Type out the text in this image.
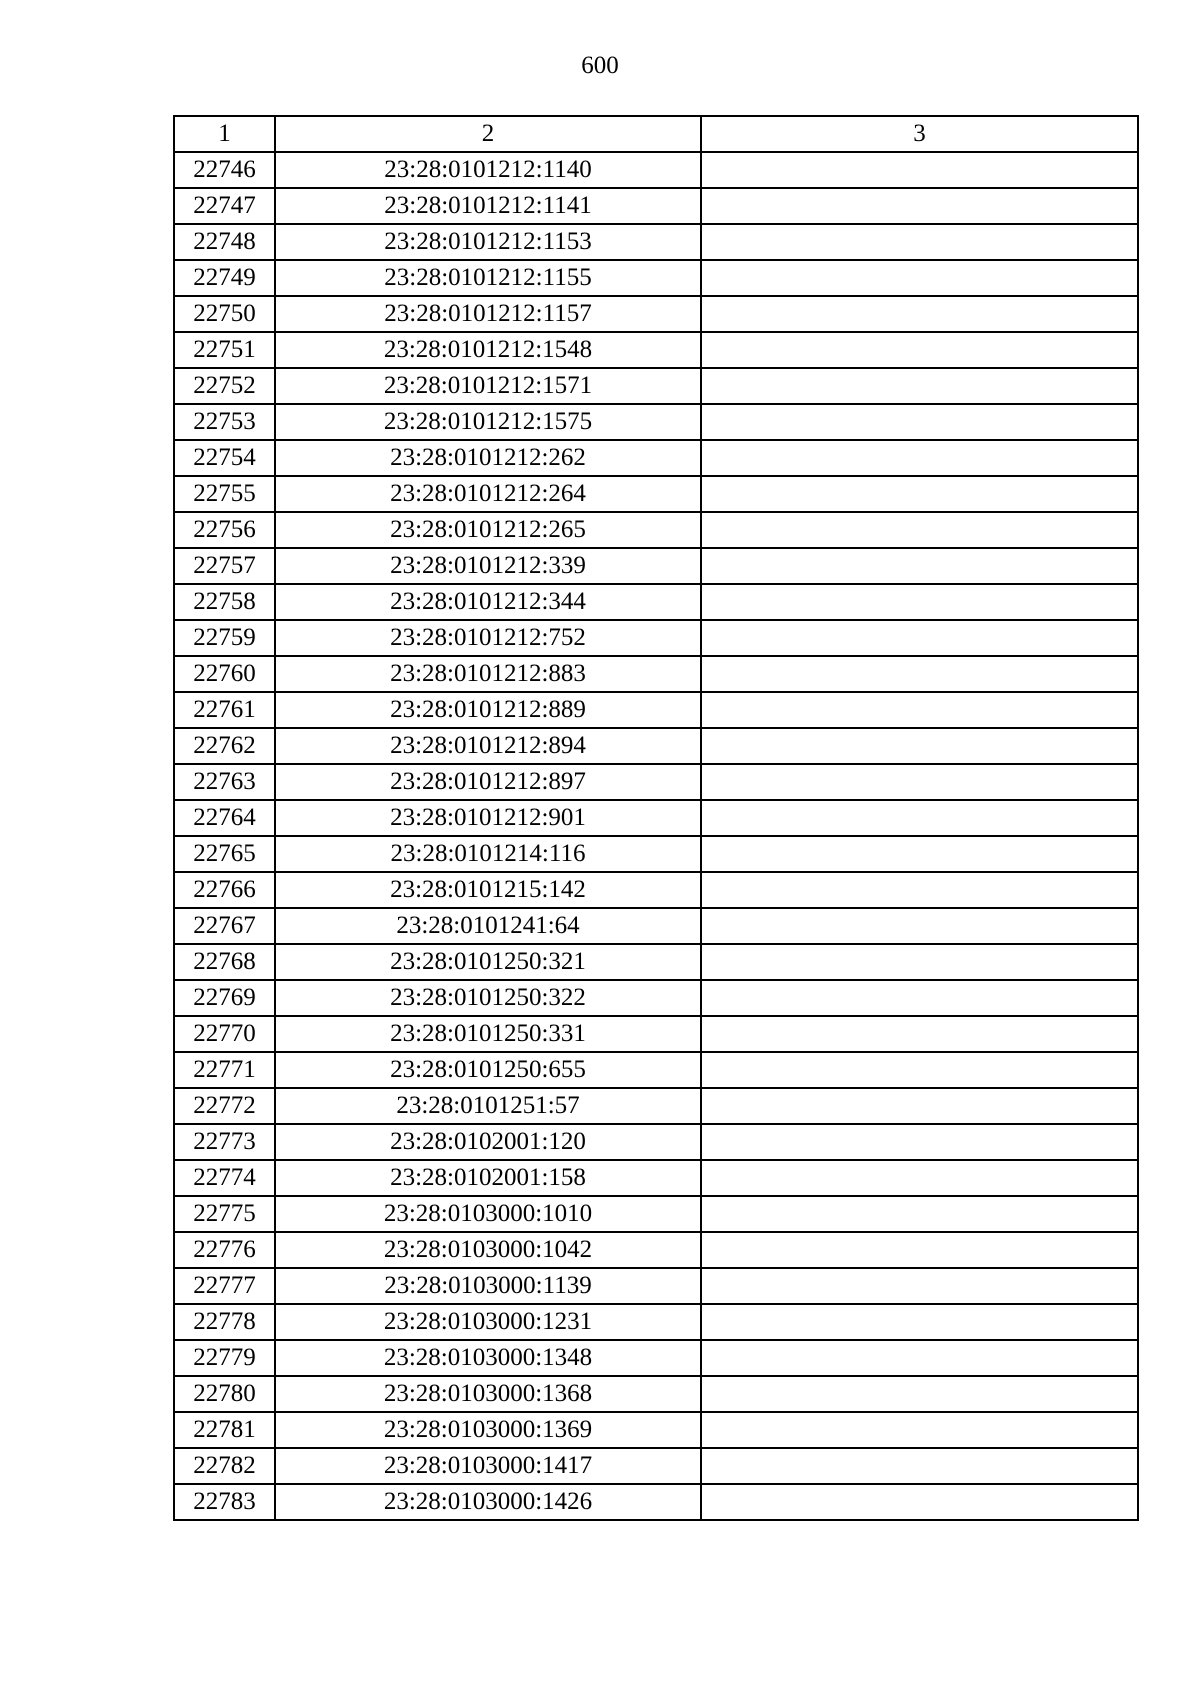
600
1	2	3
22746	23:28:0101212:1140	
22747	23:28:0101212:1141	
22748	23:28:0101212:1153	
22749	23:28:0101212:1155	
22750	23:28:0101212:1157	
22751	23:28:0101212:1548	
22752	23:28:0101212:1571	
22753	23:28:0101212:1575	
22754	23:28:0101212:262	
22755	23:28:0101212:264	
22756	23:28:0101212:265	
22757	23:28:0101212:339	
22758	23:28:0101212:344	
22759	23:28:0101212:752	
22760	23:28:0101212:883	
22761	23:28:0101212:889	
22762	23:28:0101212:894	
22763	23:28:0101212:897	
22764	23:28:0101212:901	
22765	23:28:0101214:116	
22766	23:28:0101215:142	
22767	23:28:0101241:64	
22768	23:28:0101250:321	
22769	23:28:0101250:322	
22770	23:28:0101250:331	
22771	23:28:0101250:655	
22772	23:28:0101251:57	
22773	23:28:0102001:120	
22774	23:28:0102001:158	
22775	23:28:0103000:1010	
22776	23:28:0103000:1042	
22777	23:28:0103000:1139	
22778	23:28:0103000:1231	
22779	23:28:0103000:1348	
22780	23:28:0103000:1368	
22781	23:28:0103000:1369	
22782	23:28:0103000:1417	
22783	23:28:0103000:1426	
